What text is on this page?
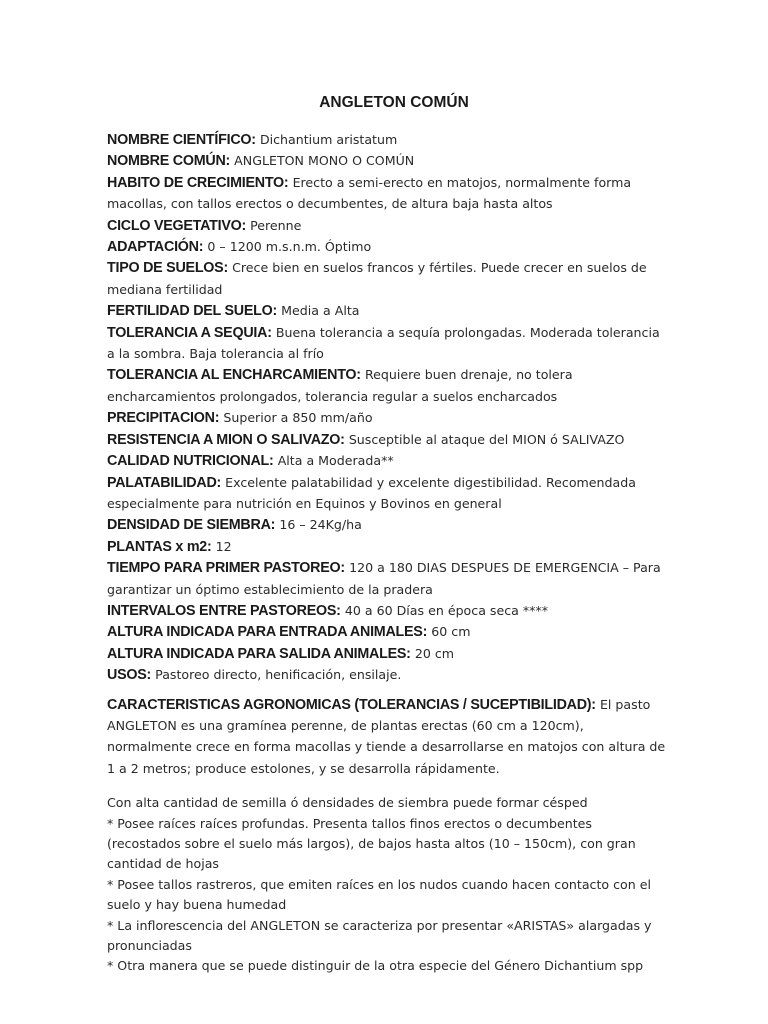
ANGLETON COMÚN

NOMBRE CIENTÍFICO: Dichantium aristatum

NOMBRE COMÚN: ANGLETON MONO O COMÚN

HABITO DE CRECIMIENTO: Erecto a semi-erecto en matojos, normalmente forma macollas, con tallos erectos o decumbentes, de altura baja hasta altos

CICLO VEGETATIVO: Perenne

ADAPTACIÓN: 0 – 1200 m.s.n.m. Óptimo

TIPO DE SUELOS: Crece bien en suelos francos y fértiles. Puede crecer en suelos de mediana fertilidad

FERTILIDAD DEL SUELO: Media a Alta

TOLERANCIA A SEQUIA: Buena tolerancia a sequía prolongadas. Moderada tolerancia a la sombra. Baja tolerancia al frío

TOLERANCIA AL ENCHARCAMIENTO: Requiere buen drenaje, no tolera encharcamientos prolongados, tolerancia regular a suelos encharcados

PRECIPITACION: Superior a 850 mm/año

RESISTENCIA A MION O SALIVAZO: Susceptible al ataque del MION ó SALIVAZO

CALIDAD NUTRICIONAL: Alta a Moderada**

PALATABILIDAD: Excelente palatabilidad y excelente digestibilidad. Recomendada especialmente para nutrición en Equinos y Bovinos en general

DENSIDAD DE SIEMBRA: 16 – 24Kg/ha

PLANTAS x m2: 12

TIEMPO PARA PRIMER PASTOREO: 120 a 180 DIAS DESPUES DE EMERGENCIA – Para garantizar un óptimo establecimiento de la pradera

INTERVALOS ENTRE PASTOREOS: 40 a 60 Días en época seca ****

ALTURA INDICADA PARA ENTRADA ANIMALES: 60 cm

ALTURA INDICADA PARA SALIDA ANIMALES: 20 cm

USOS: Pastoreo directo, henificación, ensilaje.

CARACTERISTICAS AGRONOMICAS (TOLERANCIAS / SUCEPTIBILIDAD): El pasto ANGLETON es una gramínea perenne, de plantas erectas (60 cm a 120cm), normalmente crece en forma macollas y tiende a desarrollarse en matojos con altura de 1 a 2 metros; produce estolones, y se desarrolla rápidamente.

Con alta cantidad de semilla ó densidades de siembra puede formar césped
* Posee raíces raíces profundas. Presenta tallos finos erectos o decumbentes (recostados sobre el suelo más largos), de bajos hasta altos (10 – 150cm), con gran cantidad de hojas
* Posee tallos rastreros, que emiten raíces en los nudos cuando hacen contacto con el suelo y hay buena humedad
* La inflorescencia del ANGLETON se caracteriza por presentar «ARISTAS» alargadas y pronunciadas
* Otra manera que se puede distinguir de la otra especie del Género Dichantium spp
